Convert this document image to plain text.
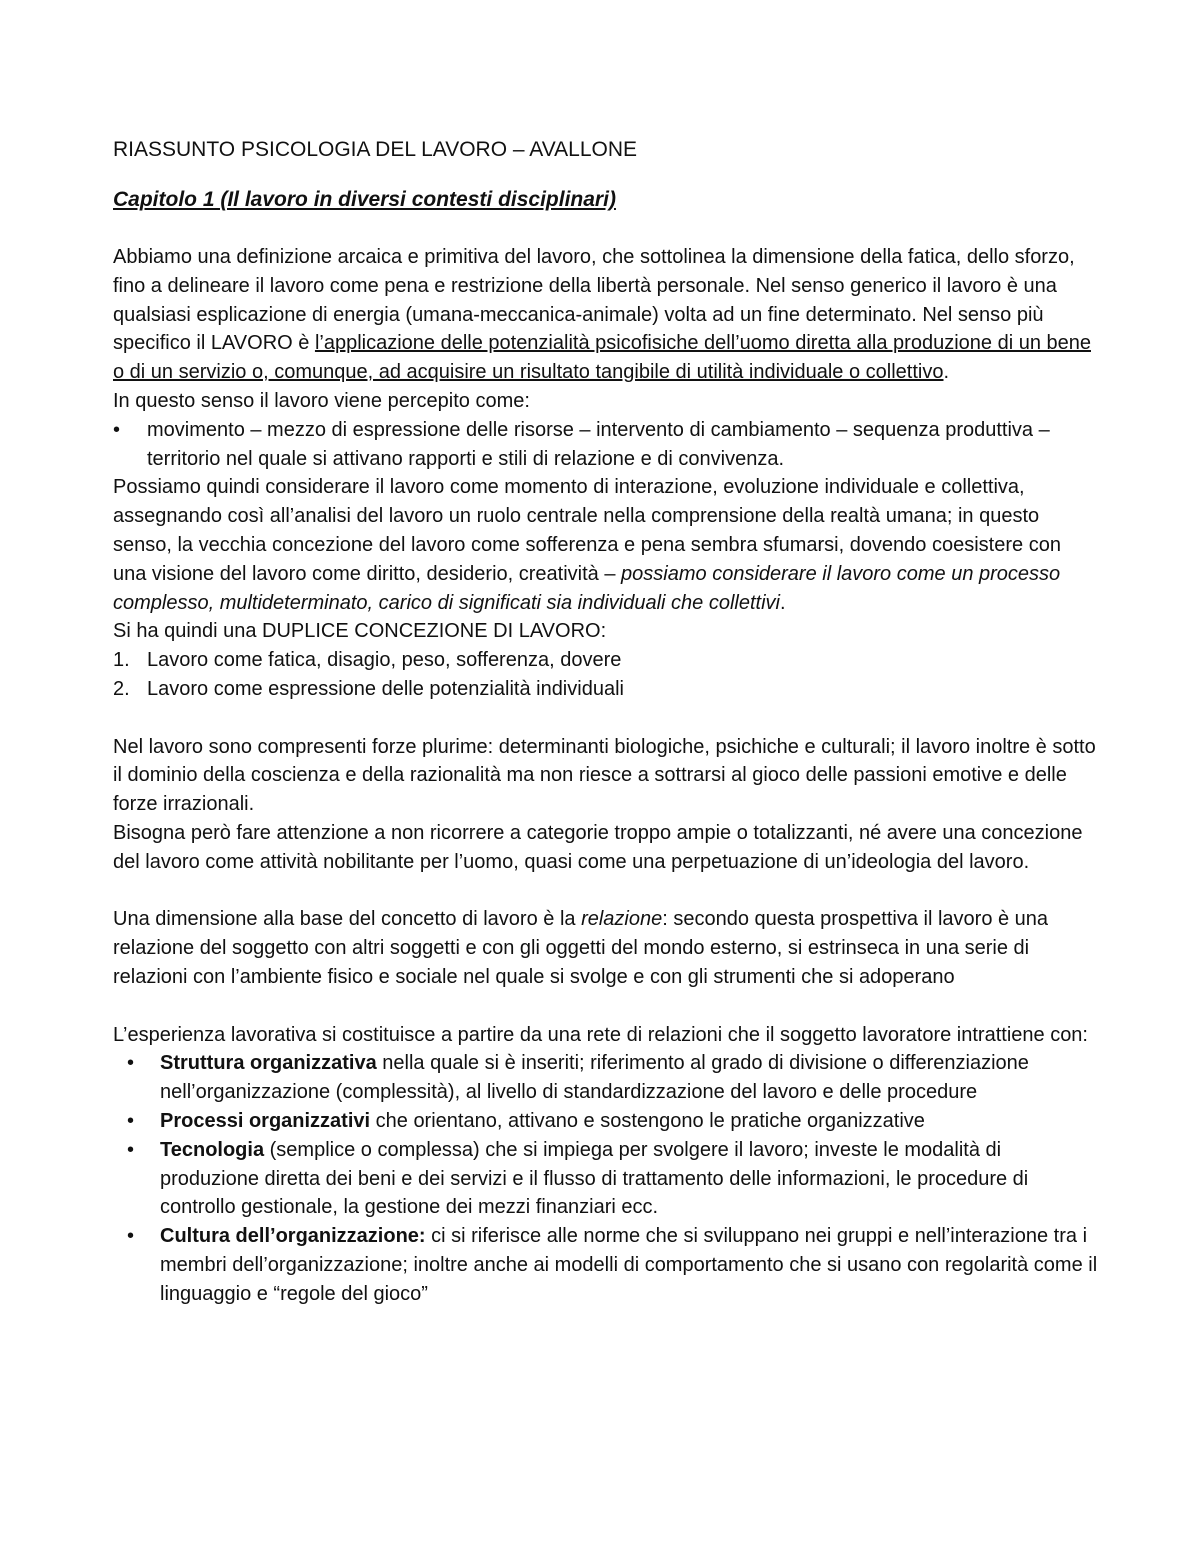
RIASSUNTO PSICOLOGIA DEL LAVORO – AVALLONE
Capitolo 1 (Il lavoro in diversi contesti disciplinari)

Abbiamo una definizione arcaica e primitiva del lavoro, che sottolinea la dimensione della fatica, dello sforzo, fino a delineare il lavoro come pena e restrizione della libertà personale. Nel senso generico il lavoro è una qualsiasi esplicazione di energia (umana-meccanica-animale) volta ad un fine determinato. Nel senso più specifico il LAVORO è l’applicazione delle potenzialità psicofisiche dell’uomo diretta alla produzione di un bene o di un servizio o, comunque, ad acquisire un risultato tangibile di utilità individuale o collettivo.

In questo senso il lavoro viene percepito come:

•	movimento – mezzo di espressione delle risorse – intervento di cambiamento – sequenza produttiva – territorio nel quale si attivano rapporti e stili di relazione e di convivenza.

Possiamo quindi considerare il lavoro come momento di interazione, evoluzione individuale e collettiva, assegnando così all’analisi del lavoro un ruolo centrale nella comprensione della realtà umana; in questo senso, la vecchia concezione del lavoro come sofferenza e pena sembra sfumarsi, dovendo coesistere con una visione del lavoro come diritto, desiderio, creatività – possiamo considerare il lavoro come un processo complesso, multideterminato, carico di significati sia individuali che collettivi.

Si ha quindi una DUPLICE CONCEZIONE DI LAVORO:

1. Lavoro come fatica, disagio, peso, sofferenza, dovere
2. Lavoro come espressione delle potenzialità individuali

Nel lavoro sono compresenti forze plurime: determinanti biologiche, psichiche e culturali; il lavoro inoltre è sotto il dominio della coscienza e della razionalità ma non riesce a sottrarsi al gioco delle passioni emotive e delle forze irrazionali.

Bisogna però fare attenzione a non ricorrere a categorie troppo ampie o totalizzanti, né avere una concezione del lavoro come attività nobilitante per l’uomo, quasi come una perpetuazione di un’ideologia del lavoro.

Una dimensione alla base del concetto di lavoro è la relazione: secondo questa prospettiva il lavoro è una relazione del soggetto con altri soggetti e con gli oggetti del mondo esterno, si estrinseca in una serie di relazioni con l’ambiente fisico e sociale nel quale si svolge e con gli strumenti che si adoperano

L’esperienza lavorativa si costituisce a partire da una rete di relazioni che il soggetto lavoratore intrattiene con:

•	Struttura organizzativa nella quale si è inseriti; riferimento al grado di divisione o differenziazione nell’organizzazione (complessità), al livello di standardizzazione del lavoro e delle procedure
•	Processi organizzativi che orientano, attivano e sostengono le pratiche organizzative
•	Tecnologia (semplice o complessa) che si impiega per svolgere il lavoro; investe le modalità di produzione diretta dei beni e dei servizi e il flusso di trattamento delle informazioni, le procedure di controllo gestionale, la gestione dei mezzi finanziari ecc.
•	Cultura dell’organizzazione: ci si riferisce alle norme che si sviluppano nei gruppi e nell’interazione tra i membri dell’organizzazione; inoltre anche ai modelli di comportamento che si usano con regolarità come il linguaggio e “regole del gioco”
